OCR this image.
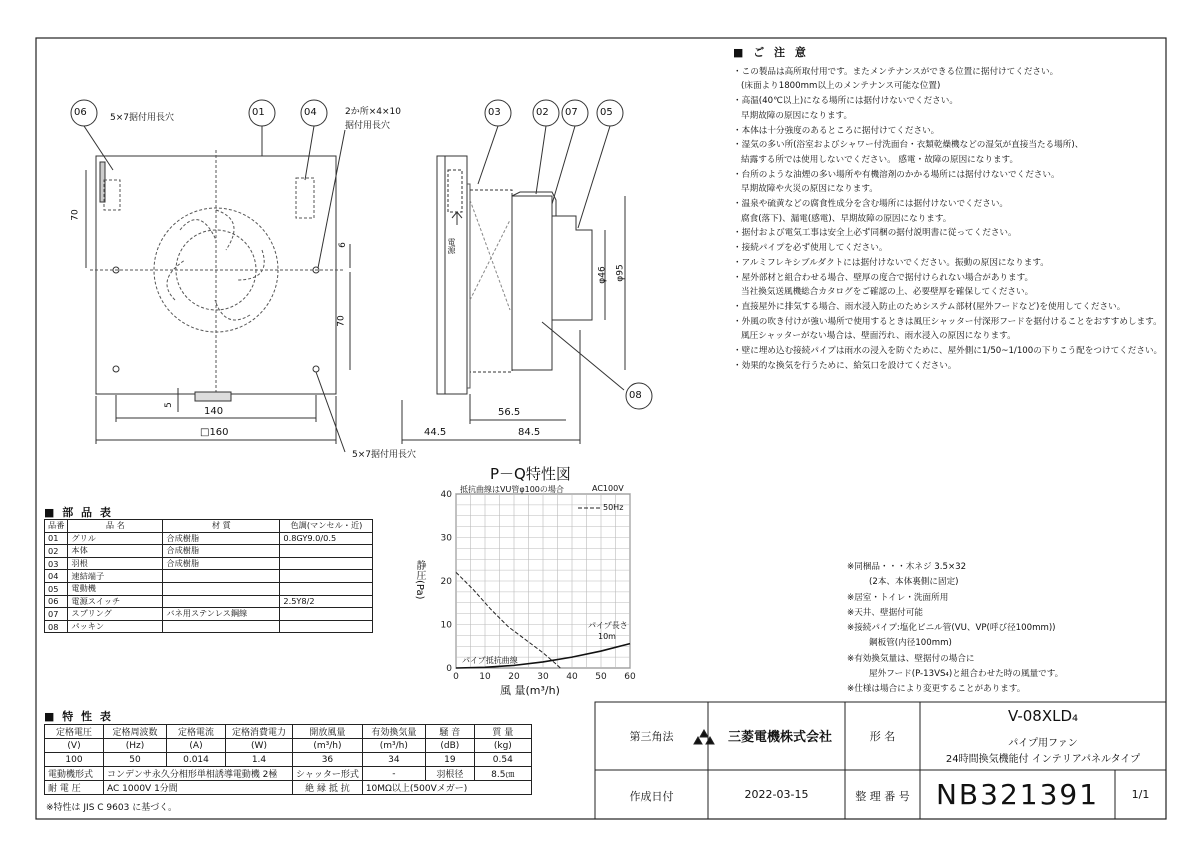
0 10 20 30 40 50 60
0
10
20
30
40
■ ご 注 意
・この製品は高所取付用です。またメンテナンスができる位置に据付けてください。
(床面より1800mm以上のメンテナンス可能な位置)
・高温(40℃以上)になる場所には据付けないでください。
早期故障の原因になります。
・本体は十分強度のあるところに据付けてください。
・湿気の多い所(浴室およびシャワー付洗面台・衣類乾燥機などの湿気が直接当たる場所)、
結露する所では使用しないでください。 感電・故障の原因になります。
・台所のような油煙の多い場所や有機溶剤のかかる場所には据付けないでください。
早期故障や火災の原因になります。
・温泉や硫黄などの腐食性成分を含む場所には据付けないでください。
腐食(落下)、漏電(感電)、早期故障の原因になります。
・据付および電気工事は安全上必ず同梱の据付説明書に従ってください。
・接続パイプを必ず使用してください。
・アルミフレキシブルダクトには据付けないでください。振動の原因になります。
・屋外部材と組合わせる場合、壁厚の度合で据付けられない場合があります。
当社換気送風機総合カタログをご確認の上、必要壁厚を確保してください。
・直接屋外に排気する場合、雨水浸入防止のためシステム部材(屋外フードなど)を使用してください。
・外風の吹き付けが強い場所で使用するときは風圧シャッター付深形フードを据付けることをおすすめします。
風圧シャッターがない場合は、壁面汚れ、雨水浸入の原因になります。
・壁に埋め込む接続パイプは雨水の浸入を防ぐために、屋外側に1/50~1/100の下りこう配をつけてください。
・効果的な換気を行うために、給気口を設けてください。
5×7据付用長穴
2か所×4×10
据付用長穴
5×7据付用長穴
電源
70
6
70
5
140
□160	44.5
56.5
84.5
φ46 φ95
06	01	04	03	02 07 05
08
P－Q特性図
抵抗曲線はVU管φ100の場合	AC100V
50Hz
静圧(Pa)
風 量(m³/h)
パイプ長さ
10m
パイプ抵抗曲線
■ 部 品 表
品番	品 名	材 質	色調(マンセル・近)
01	グリル	合成樹脂	0.8GY9.0/0.5
02	本体	合成樹脂	
03	羽根	合成樹脂	
04	速結端子		
05	電動機		
06	電源スイッチ		2.5Y8/2
07	スプリング	バネ用ステンレス鋼線	
08	パッキン		
■ 特 性 表
定格電圧	定格周波数	定格電流	定格消費電力	開放風量	有効換気量	騒 音	質 量
(V)	(Hz)	(A)	(W)	(m³/h)	(m³/h)	(dB)	(kg)
100	50	0.014	1.4	36	34	19	0.54
電動機形式	コンデンサ永久分相形単相誘導電動機 2極			シャッター形式	-	羽根径	8.5㎝
耐 電 圧	AC 1000V 1分間			絶 縁 抵 抗	10MΩ以上(500Vメガー)		
※特性は JIS C 9603 に基づく。
※同梱品・・・木ネジ 3.5×32
(2本、本体裏側に固定)
※居室・トイレ・洗面所用
※天井、壁据付可能
※接続パイプ:塩化ビニル管(VU、VP(呼び径100mm))
鋼板管(内径100mm)
※有効換気量は、壁据付の場合に
屋外フード(P-13VS₄)と組合わせた時の風量です。
※仕様は場合により変更することがあります。
第三角法	三菱電機株式会社	形 名
V-08XLD₄
パイプ用ファン
24時間換気機能付 インテリアパネルタイプ
作成日付	2022-03-15	整 理 番 号 NB321391	1/1
